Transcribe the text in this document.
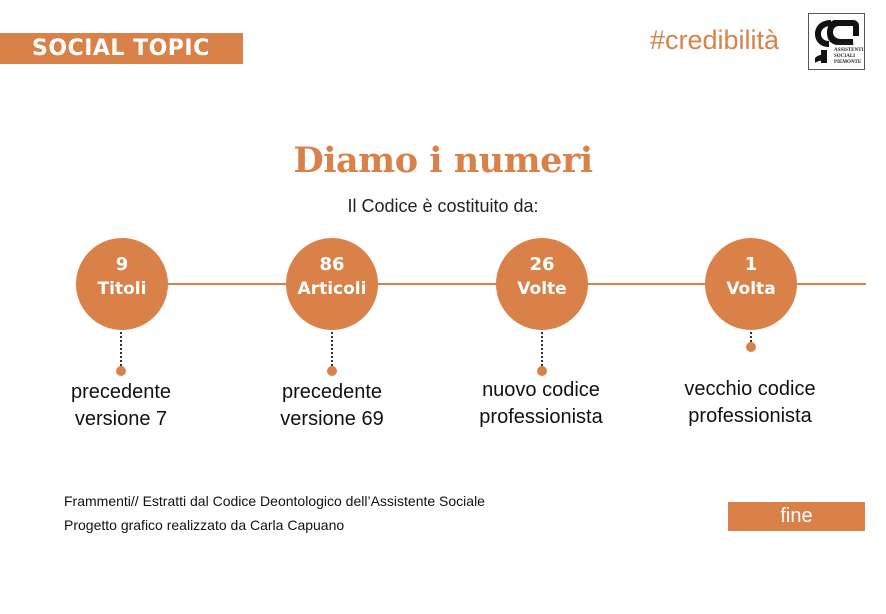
SOCIAL TOPIC	#credibilità	ORDINE
ASSISTENTI
SOCIALI
PIEMONTE
Diamo i numeri
Il Codice è costituito da:
9
Titoli
precedente
versione 7
86
Articoli
precedente
versione 69
26
Volte
nuovo codice
professionista
1
Volta
vecchio codice
professionista
Frammenti// Estratti dal Codice Deontologico dell’Assistente Sociale
Progetto grafico realizzato da Carla Capuano	fine
